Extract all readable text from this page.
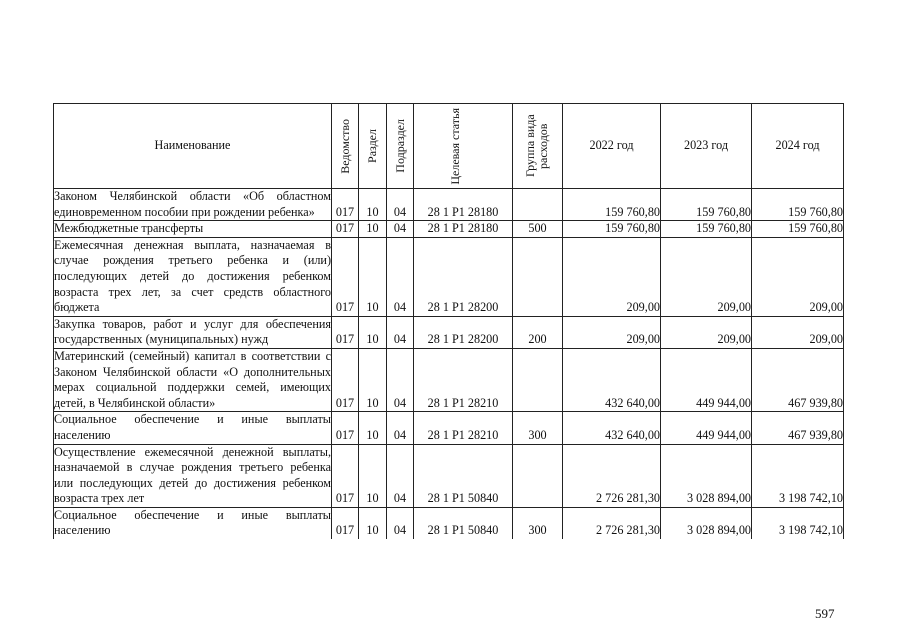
Наименование	Ведомство	Раздел	Подраздел	Целевая статья	Группа вида расходов	2022 год	2023 год	2024 год
Законом Челябинской области «Об областном единовременном пособии при рождении ребенка»	017	10	04	28 1 P1 28180		159 760,80	159 760,80	159 760,80
Межбюджетные трансферты	017	10	04	28 1 P1 28180	500	159 760,80	159 760,80	159 760,80
Ежемесячная денежная выплата, назначаемая в случае рождения третьего ребенка и (или) последующих детей до достижения ребенком возраста трех лет, за счет средств областного бюджета	017	10	04	28 1 P1 28200		209,00	209,00	209,00
Закупка товаров, работ и услуг для обеспечения государственных (муниципальных) нужд	017	10	04	28 1 P1 28200	200	209,00	209,00	209,00
Материнский (семейный) капитал в соответствии с Законом Челябинской области «О дополнительных мерах социальной поддержки семей, имеющих детей, в Челябинской области»	017	10	04	28 1 P1 28210		432 640,00	449 944,00	467 939,80
Социальное обеспечение и иные выплаты населению	017	10	04	28 1 P1 28210	300	432 640,00	449 944,00	467 939,80
Осуществление ежемесячной денежной выплаты, назначаемой в случае рождения третьего ребенка или последующих детей до достижения ребенком возраста трех лет	017	10	04	28 1 P1 50840		2 726 281,30	3 028 894,00	3 198 742,10
Социальное обеспечение и иные выплаты населению	017	10	04	28 1 P1 50840	300	2 726 281,30	3 028 894,00	3 198 742,10
597
